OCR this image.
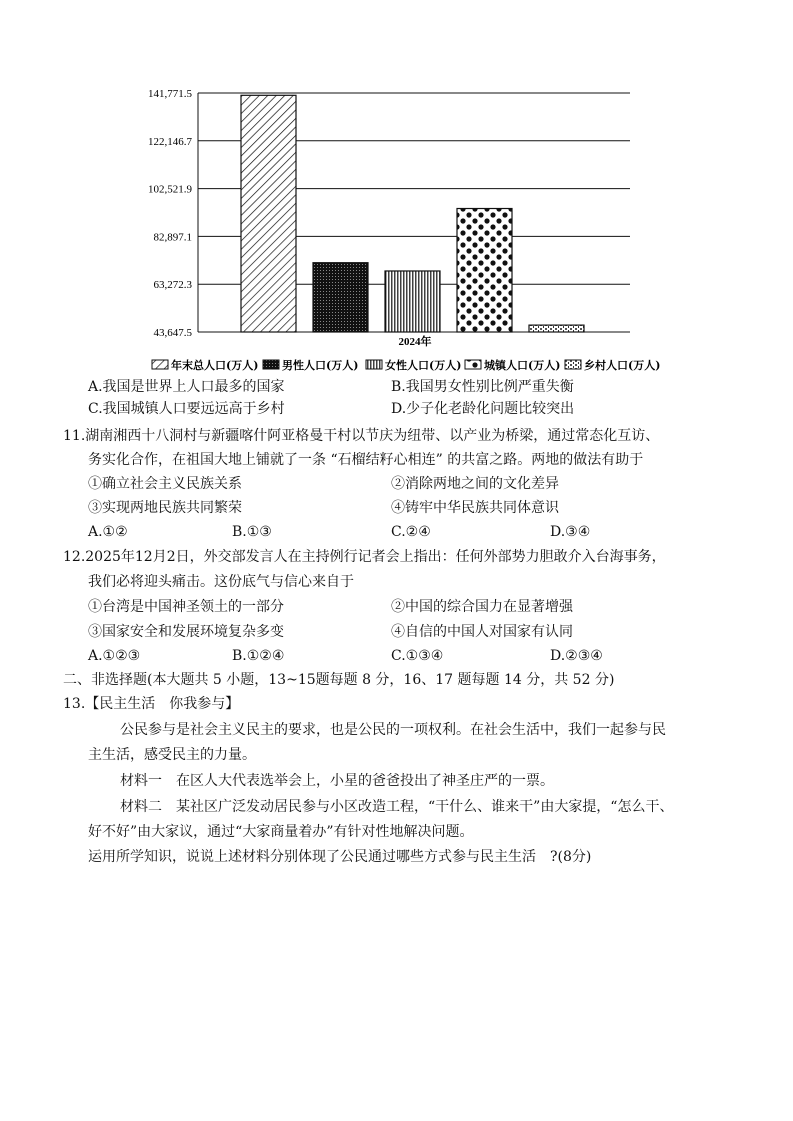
141,771.5
122,146.7
102,521.9
82,897.1
63,272.3
43,647.5
2024年
年末总人口(万人) 男性人口(万人) 女性人口(万人) 城镇人口(万人) 乡村人口(万人)
A.我国是世界上人口最多的国家	B.我国男女性别比例严重失衡
C.我国城镇人口要远远高于乡村	D.少子化老龄化问题比较突出
11.湖南湘西十八洞村与新疆喀什阿亚格曼干村以节庆为纽带、以产业为桥梁，通过常态化互访、
务实化合作，在祖国大地上铺就了一条 “石榴结籽心相连” 的共富之路。两地的做法有助于
①确立社会主义民族关系	②消除两地之间的文化差异
③实现两地民族共同繁荣	④铸牢中华民族共同体意识
A.①②	B.①③	C.②④	D.③④
12.2025年12月2日，外交部发言人在主持例行记者会上指出：任何外部势力胆敢介入台海事务，
我们必将迎头痛击。这份底气与信心来自于
①台湾是中国神圣领土的一部分	②中国的综合国力在显著增强
③国家安全和发展环境复杂多变	④自信的中国人对国家有认同
A.①②③	B.①②④	C.①③④	D.②③④
二、非选择题(本大题共 5 小题，13~15题每题 8 分，16、17 题每题 14 分，共 52 分)
13.【民主生活　你我参与】
公民参与是社会主义民主的要求，也是公民的一项权利。在社会生活中，我们一起参与民
主生活，感受民主的力量。
材料一　在区人大代表选举会上，小星的爸爸投出了神圣庄严的一票。
材料二　某社区广泛发动居民参与小区改造工程，“干什么、谁来干”由大家提，“怎么干、
好不好”由大家议，通过“大家商量着办”有针对性地解决问题。
运用所学知识，说说上述材料分别体现了公民通过哪些方式参与民主生活　?(8分)
